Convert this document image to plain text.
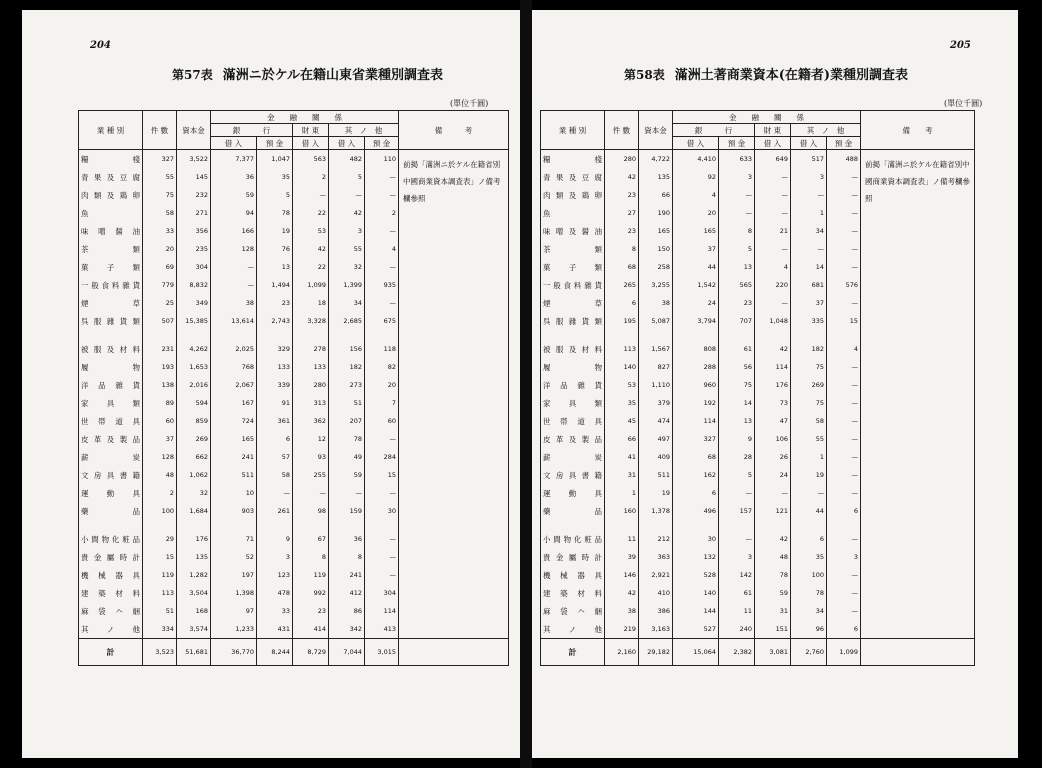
204
第57表 滿洲ニ於ケル在籍山東省業種別調査表
(單位千圓)
業 種 別	件 數	資本金	金　　融　　關　　係					備　　　考
			銀　　　行		財 東	其　ノ　他		
			借 入	預 金	借 入	借 入	預 金	
糧　　棧	327	3,522	7,377	1,047	563	482	110	前掲「滿洲ニ於ケル在籍省別中國商業資本調査表」ノ備考欄參照
青果及豆腐	55	145	36	35	2	5	—	
肉類及鶏卵	75	232	59	5	—	—	—	
魚	58	271	94	78	22	42	2	
味噌醤油	33	356	166	19	53	3	—	
茶　　類	20	235	128	76	42	55	4	
菓 子 類	69	304	—	13	22	32	—	
一般食料雜貨	779	8,832	—	1,494	1,099	1,399	935	
煙　　草	25	349	38	23	18	34	—	
呉服雜貨類	507	15,385	13,614	2,743	3,328	2,685	675	

被服及材料	231	4,262	2,025	329	278	156	118	
履　　物	193	1,653	768	133	133	182	82	
洋品雜貨	138	2,016	2,067	339	280	273	20	
家 具 類	89	594	167	91	313	51	7	
世帯道具	60	859	724	361	362	207	60	
皮革及製品	37	269	165	6	12	78	—	
薪　　炭	128	662	241	57	93	49	284	
文房具書籍	48	1,062	511	58	255	59	15	
運 動 具	2	32	10	—	—	—	—	
藥　　品	100	1,684	903	261	98	159	30	

小間物化粧品	29	176	71	9	67	36	—	
貴金屬時計	15	135	52	3	8	8	—	
機械器具	119	1,282	197	123	119	241	—	
建築材料	113	3,504	1,398	478	992	412	304	
麻袋𠆢綑	51	168	97	33	23	86	114	
其 ノ 他	334	3,574	1,233	431	414	342	413	
計	3,523	51,681	36,770	8,244	8,729	7,044	3,015	
205
第58表 滿洲土著商業資本(在籍者)業種別調査表
(單位千圓)
業 種 別	件 數	資本金	金　　融　　關　　係					備　　考
			銀　　　行		財 東	其　ノ　他		
			借 入	預 金	借 入	借 入	預 金	
糧　　棧	280	4,722	4,410	633	649	517	488	前掲「滿洲ニ於ケル在籍省別中國商業資本調査表」ノ備考欄參照
青果及豆腐	42	135	92	3	—	3	—	
肉類及鶏卵	23	66	4	—	—	—	—	
魚	27	190	20	—	—	1	—	
味噌及醤油	23	165	165	8	21	34	—	
茶　　類	8	150	37	5	—	—	—	
菓 子 類	68	258	44	13	4	14	—	
一般食料雜貨	265	3,255	1,542	565	220	681	576	
煙　　草	6	38	24	23	—	37	—	
呉服雜貨類	195	5,087	3,794	707	1,048	335	15	

被服及材料	113	1,567	808	61	42	182	4	
履　　物	140	827	288	56	114	75	—	
洋品雜貨	53	1,110	960	75	176	269	—	
家 具 類	35	379	192	14	73	75	—	
世帯道具	45	474	114	13	47	58	—	
皮革及製品	66	497	327	9	106	55	—	
薪　　炭	41	409	68	28	26	1	—	
文房具書籍	31	511	162	5	24	19	—	
運 動 具	1	19	6	—	—	—	—	
藥　　品	160	1,378	496	157	121	44	6	

小間物化粧品	11	212	30	—	42	6	—	
貴金屬時計	39	363	132	3	48	35	3	
機械器具	146	2,921	528	142	78	100	—	
建築材料	42	410	140	61	59	78	—	
麻袋𠆢綑	38	386	144	11	31	34	—	
其 ノ 他	219	3,163	527	240	151	96	6	
計	2,160	29,182	15,064	2,382	3,081	2,760	1,099	
